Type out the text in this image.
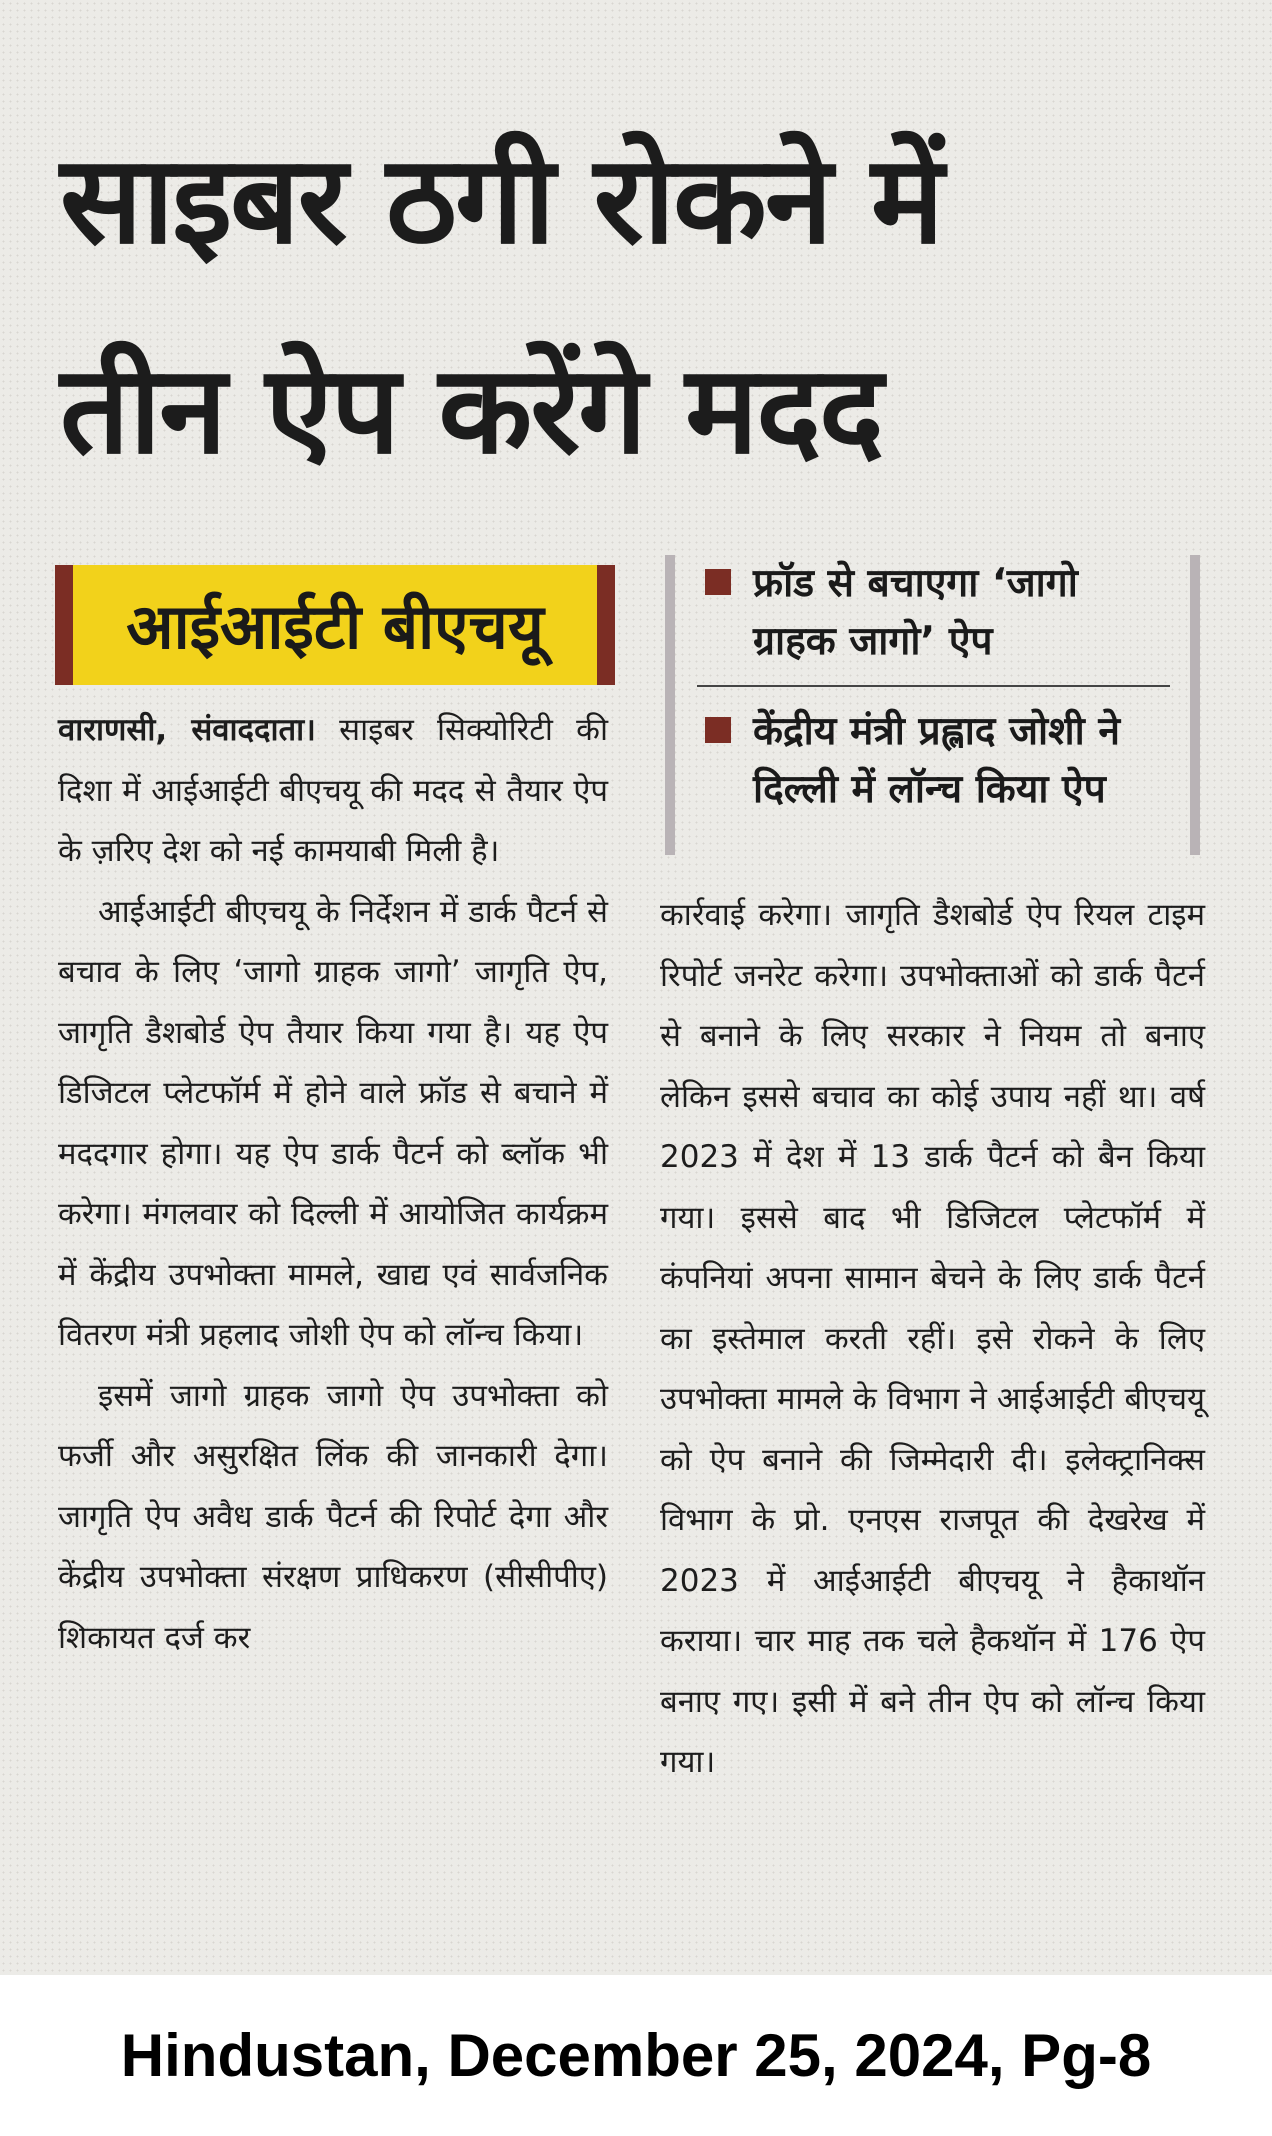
साइबर ठगी रोकने में
तीन ऐप करेंगे मदद
आईआईटी बीएचयू
फ्रॉड से बचाएगा ‘जागो ग्राहक जागो’ ऐप
केंद्रीय मंत्री प्रह्लाद जोशी ने दिल्ली में लॉन्च किया ऐप

वाराणसी, संवाददाता। साइबर सिक्योरिटी की दिशा में आईआईटी बीएचयू की मदद से तैयार ऐप के ज़रिए देश को नई कामयाबी मिली है।

आईआईटी बीएचयू के निर्देशन में डार्क पैटर्न से बचाव के लिए ‘जागो ग्राहक जागो’ जागृति ऐप, जागृति डैशबोर्ड ऐप तैयार किया गया है। यह ऐप डिजिटल प्लेटफॉर्म में होने वाले फ्रॉड से बचाने में मददगार होगा। यह ऐप डार्क पैटर्न को ब्लॉक भी करेगा। मंगलवार को दिल्ली में आयोजित कार्यक्रम में केंद्रीय उपभोक्ता मामले, खाद्य एवं सार्वजनिक वितरण मंत्री प्रहलाद जोशी ऐप को लॉन्च किया।

इसमें जागो ग्राहक जागो ऐप उपभोक्ता को फर्जी और असुरक्षित लिंक की जानकारी देगा। जागृति ऐप अवैध डार्क पैटर्न की रिपोर्ट देगा और केंद्रीय उपभोक्ता संरक्षण प्राधिकरण (सीसीपीए) शिकायत दर्ज कर

कार्रवाई करेगा। जागृति डैशबोर्ड ऐप रियल टाइम रिपोर्ट जनरेट करेगा। उपभोक्ताओं को डार्क पैटर्न से बनाने के लिए सरकार ने नियम तो बनाए लेकिन इससे बचाव का कोई उपाय नहीं था। वर्ष 2023 में देश में 13 डार्क पैटर्न को बैन किया गया। इससे बाद भी डिजिटल प्लेटफॉर्म में कंपनियां अपना सामान बेचने के लिए डार्क पैटर्न का इस्तेमाल करती रहीं। इसे रोकने के लिए उपभोक्ता मामले के विभाग ने आईआईटी बीएचयू को ऐप बनाने की जिम्मेदारी दी। इलेक्ट्रानिक्स विभाग के प्रो. एनएस राजपूत की देखरेख में 2023 में आईआईटी बीएचयू ने हैकाथॉन कराया। चार माह तक चले हैकथॉन में 176 ऐप बनाए गए। इसी में बने तीन ऐप को लॉन्च किया गया।

Hindustan, December 25, 2024, Pg-8
